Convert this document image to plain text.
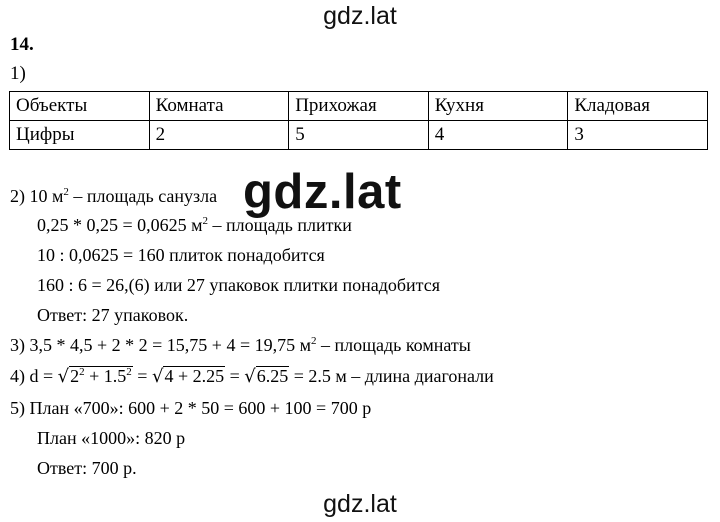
gdz.lat
14.
1)
Объекты	Комната	Прихожая	Кухня	Кладовая
Цифры	2	5	4	3
2) 10 $м^2$ – площадь санузла
0,25 * 0,25 = 0,0625 $м^2$ – площадь плитки
10 : 0,0625 = 160 плиток понадобится
160 : 6 = 26,(6) или 27 упаковок плитки понадобится
Ответ: 27 упаковок.
3) 3,5 * 4,5 + 2 * 2 = 15,75 + 4 = 19,75 $м^2$ – площадь комнаты
4) $d = √2^2 + 1.5^2 = √4 + 2.25 = √6.25 = 2.5$ м – длина диагонали
5) План «700»: 600 + 2 * 50 = 600 + 100 = 700 р
План «1000»: 820 р
Ответ: 700 р.
gdz.lat
gdz.lat
